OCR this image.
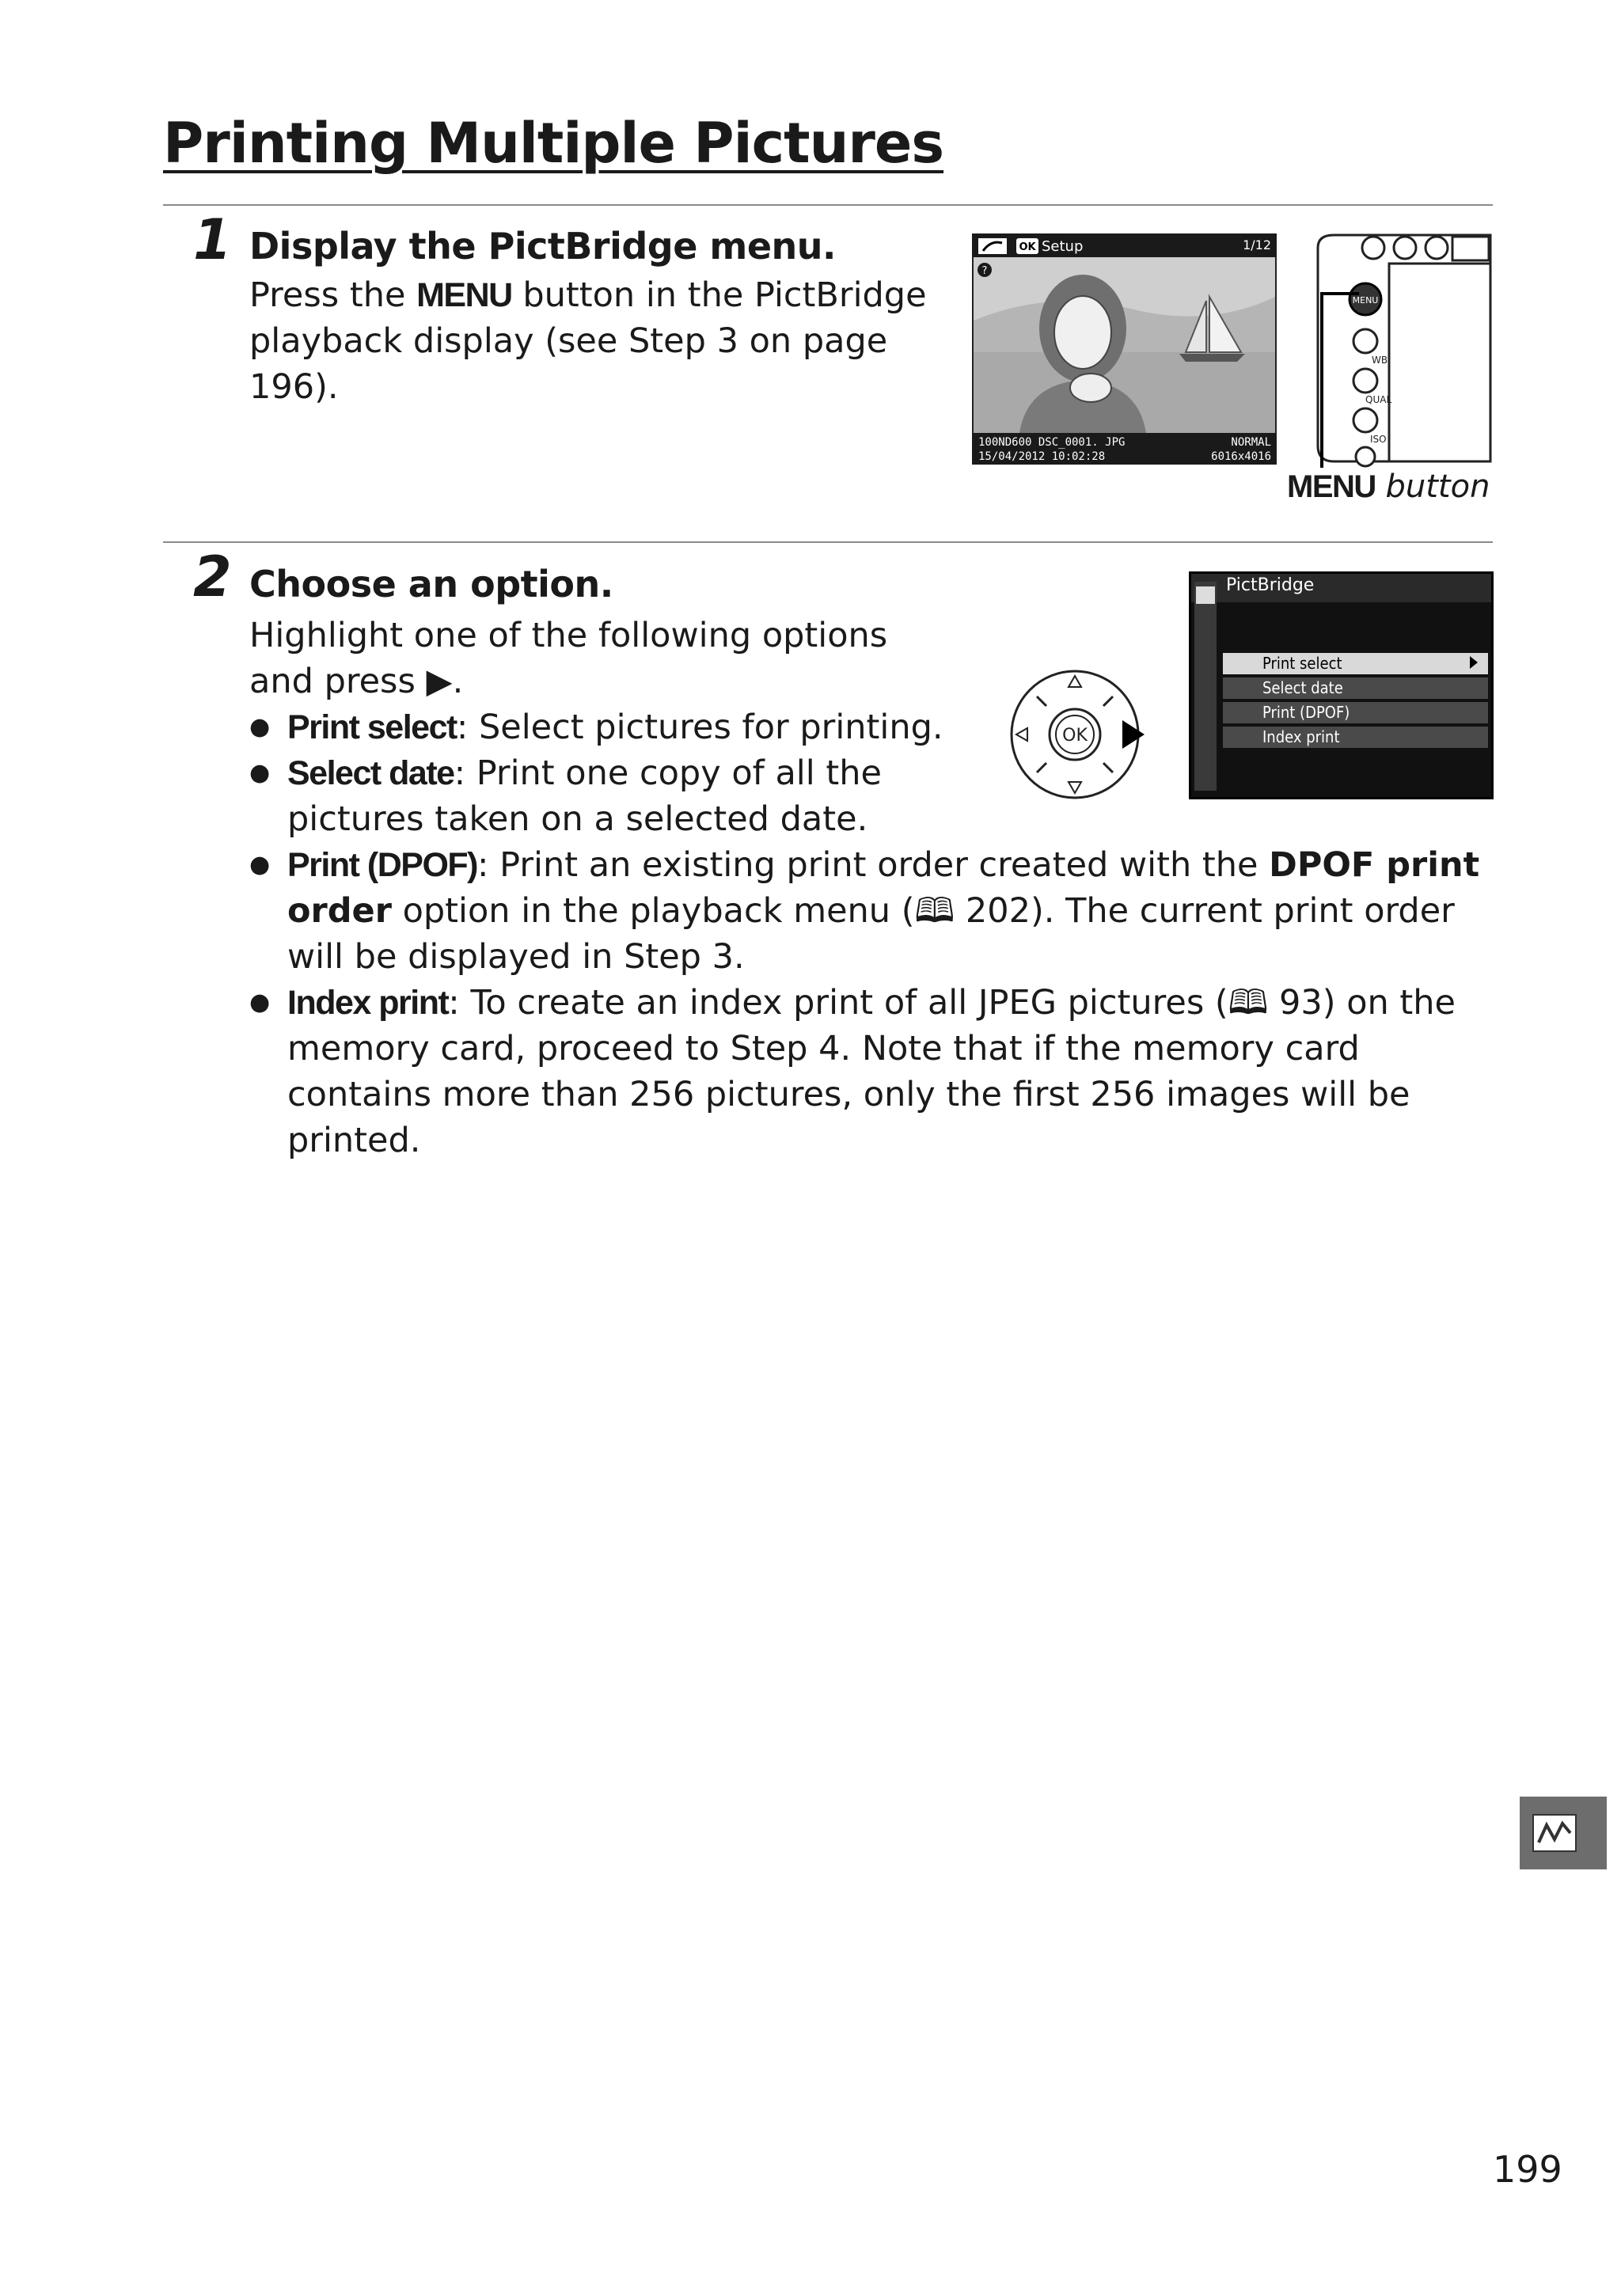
Printing Multiple Pictures
1 Display the PictBridge menu.
Press the MENU button in the PictBridge playback display (see Step 3 on page 196).
OK Setup	1/12
?
100ND600 DSC_0001. JPG	NORMAL
15/04/2012 10:02:28	6016x4016
MENU
WB
QUAL
ISO
MENU button
2 Choose an option.
Highlight one of the following options and press ▶.
● Print select: Select pictures for printing.
● Select date: Print one copy of all the pictures taken on a selected date.
● Print (DPOF): Print an existing print order created with the DPOF print order option in the playback menu (🕮 202). The current print order will be displayed in Step 3.
● Index print: To create an index print of all JPEG pictures (🕮 93) on the memory card, proceed to Step 4. Note that if the memory card contains more than 256 pictures, only the first 256 images will be printed.
OK
PictBridge
Print select
Select date
Print (DPOF)
Index print
199
